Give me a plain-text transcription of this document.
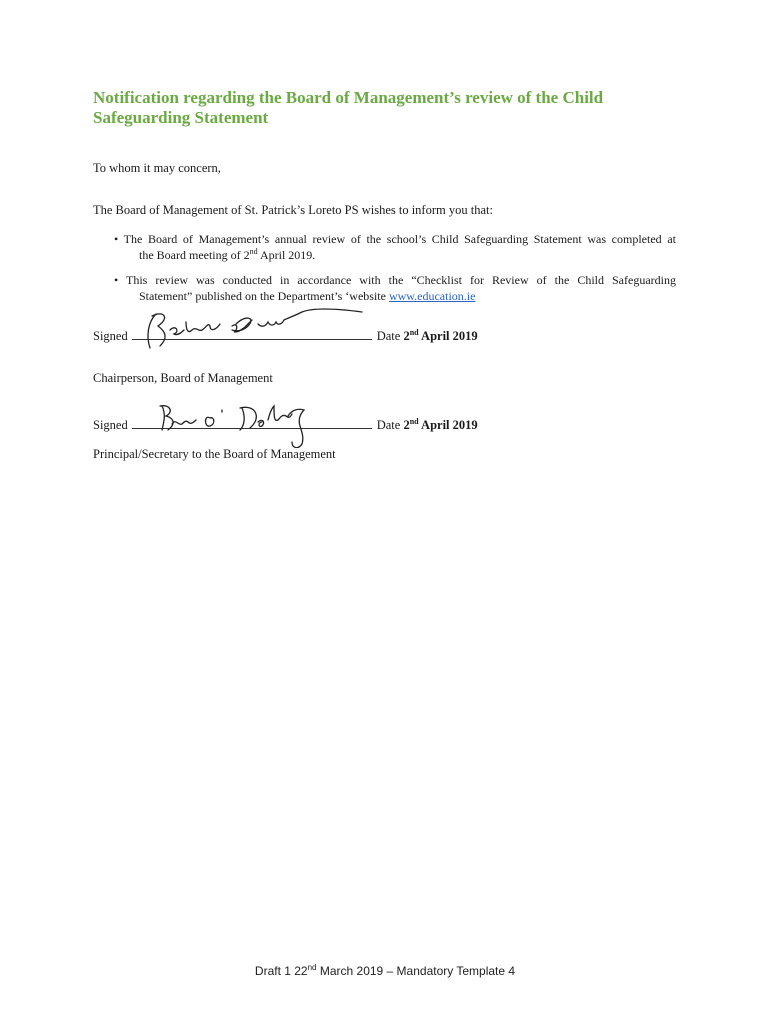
Notification regarding the Board of Management’s review of the Child Safeguarding Statement
To whom it may concern,
The Board of Management of St. Patrick’s Loreto PS wishes to inform you that:
• The Board of Management’s annual review of the school’s Child Safeguarding Statement was completed at
the Board meeting of 2nd April 2019.
• This review was conducted in accordance with the “Checklist for Review of the Child Safeguarding
Statement” published on the Department’s ‘website www.education.ie
Signed	Date 2nd April 2019
Chairperson, Board of Management
Signed	Date 2nd April 2019
Principal/Secretary to the Board of Management
Draft 1 22nd March 2019 – Mandatory Template 4
